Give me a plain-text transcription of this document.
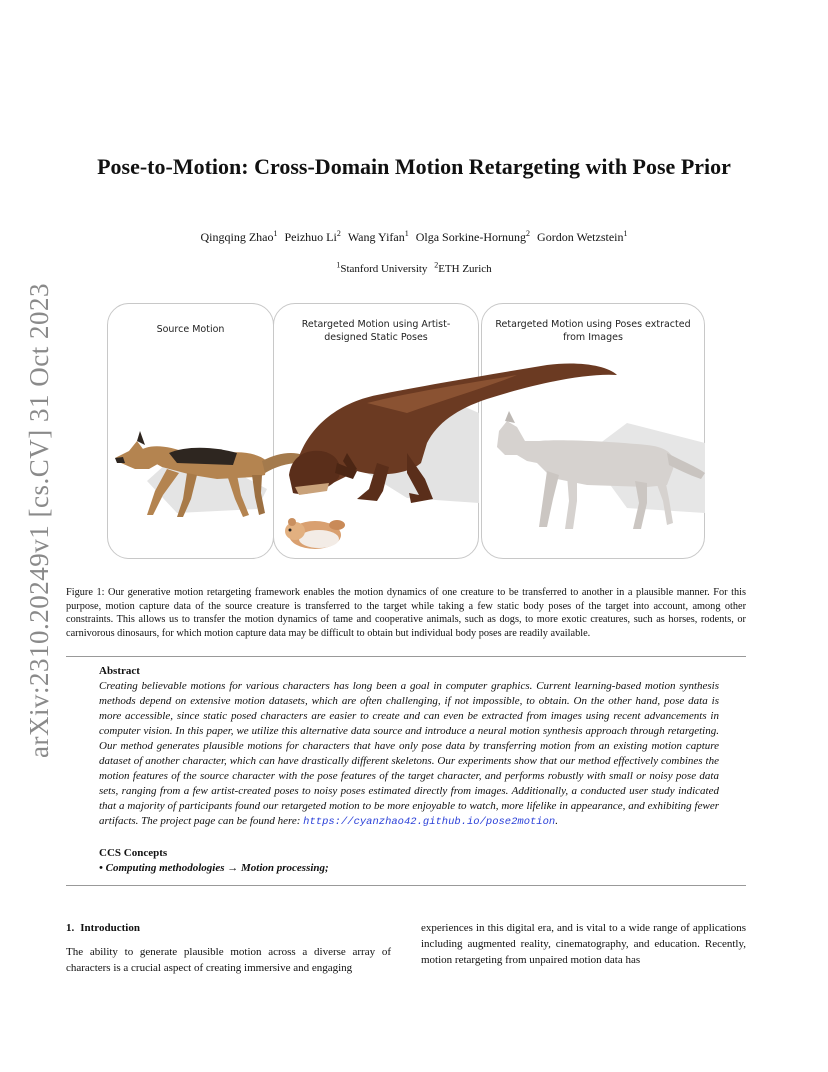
arXiv:2310.20249v1 [cs.CV] 31 Oct 2023
Pose-to-Motion: Cross-Domain Motion Retargeting with Pose Prior
Qingqing Zhao$^1$ Peizhuo Li$^2$ Wang Yifan$^1$ Olga Sorkine-Hornung$^2$ Gordon Wetzstein$^1$
$^1$Stanford University $^2$ETH Zurich
Source Motion	Retargeted Motion using Artist-designed Static Poses
Retargeted Motion using Poses extracted from Images
Figure 1: Our generative motion retargeting framework enables the motion dynamics of one creature to be transferred to another in a plausible manner. For this purpose, motion capture data of the source creature is transferred to the target while taking a few static body poses of the target into account, among other constraints. This allows us to transfer the motion dynamics of tame and cooperative animals, such as dogs, to more exotic creatures, such as horses, rodents, or carnivorous dinosaurs, for which motion capture data may be difficult to obtain but individual body poses are readily available.
Abstract
Creating believable motions for various characters has long been a goal in computer graphics. Current learning-based motion synthesis methods depend on extensive motion datasets, which are often challenging, if not impossible, to obtain. On the other hand, pose data is more accessible, since static posed characters are easier to create and can even be extracted from images using recent advancements in computer vision. In this paper, we utilize this alternative data source and introduce a neural motion synthesis approach through retargeting. Our method generates plausible motions for characters that have only pose data by transferring motion from an existing motion capture dataset of another character, which can have drastically different skeletons. Our experiments show that our method effectively combines the motion features of the source character with the pose features of the target character, and performs robustly with small or noisy pose data sets, ranging from a few artist-created poses to noisy poses estimated directly from images. Additionally, a conducted user study indicated that a majority of participants found our retargeted motion to be more enjoyable to watch, more lifelike in appearance, and exhibiting fewer artifacts. The project page can be found here: https://cyanzhao42.github.io/pose2motion.
CCS Concepts
• Computing methodologies → Motion processing;
1. Introduction
The ability to generate plausible motion across a diverse array of characters is a crucial aspect of creating immersive and engaging
experiences in this digital era, and is vital to a wide range of applications including augmented reality, cinematography, and education. Recently, motion retargeting from unpaired motion data has
